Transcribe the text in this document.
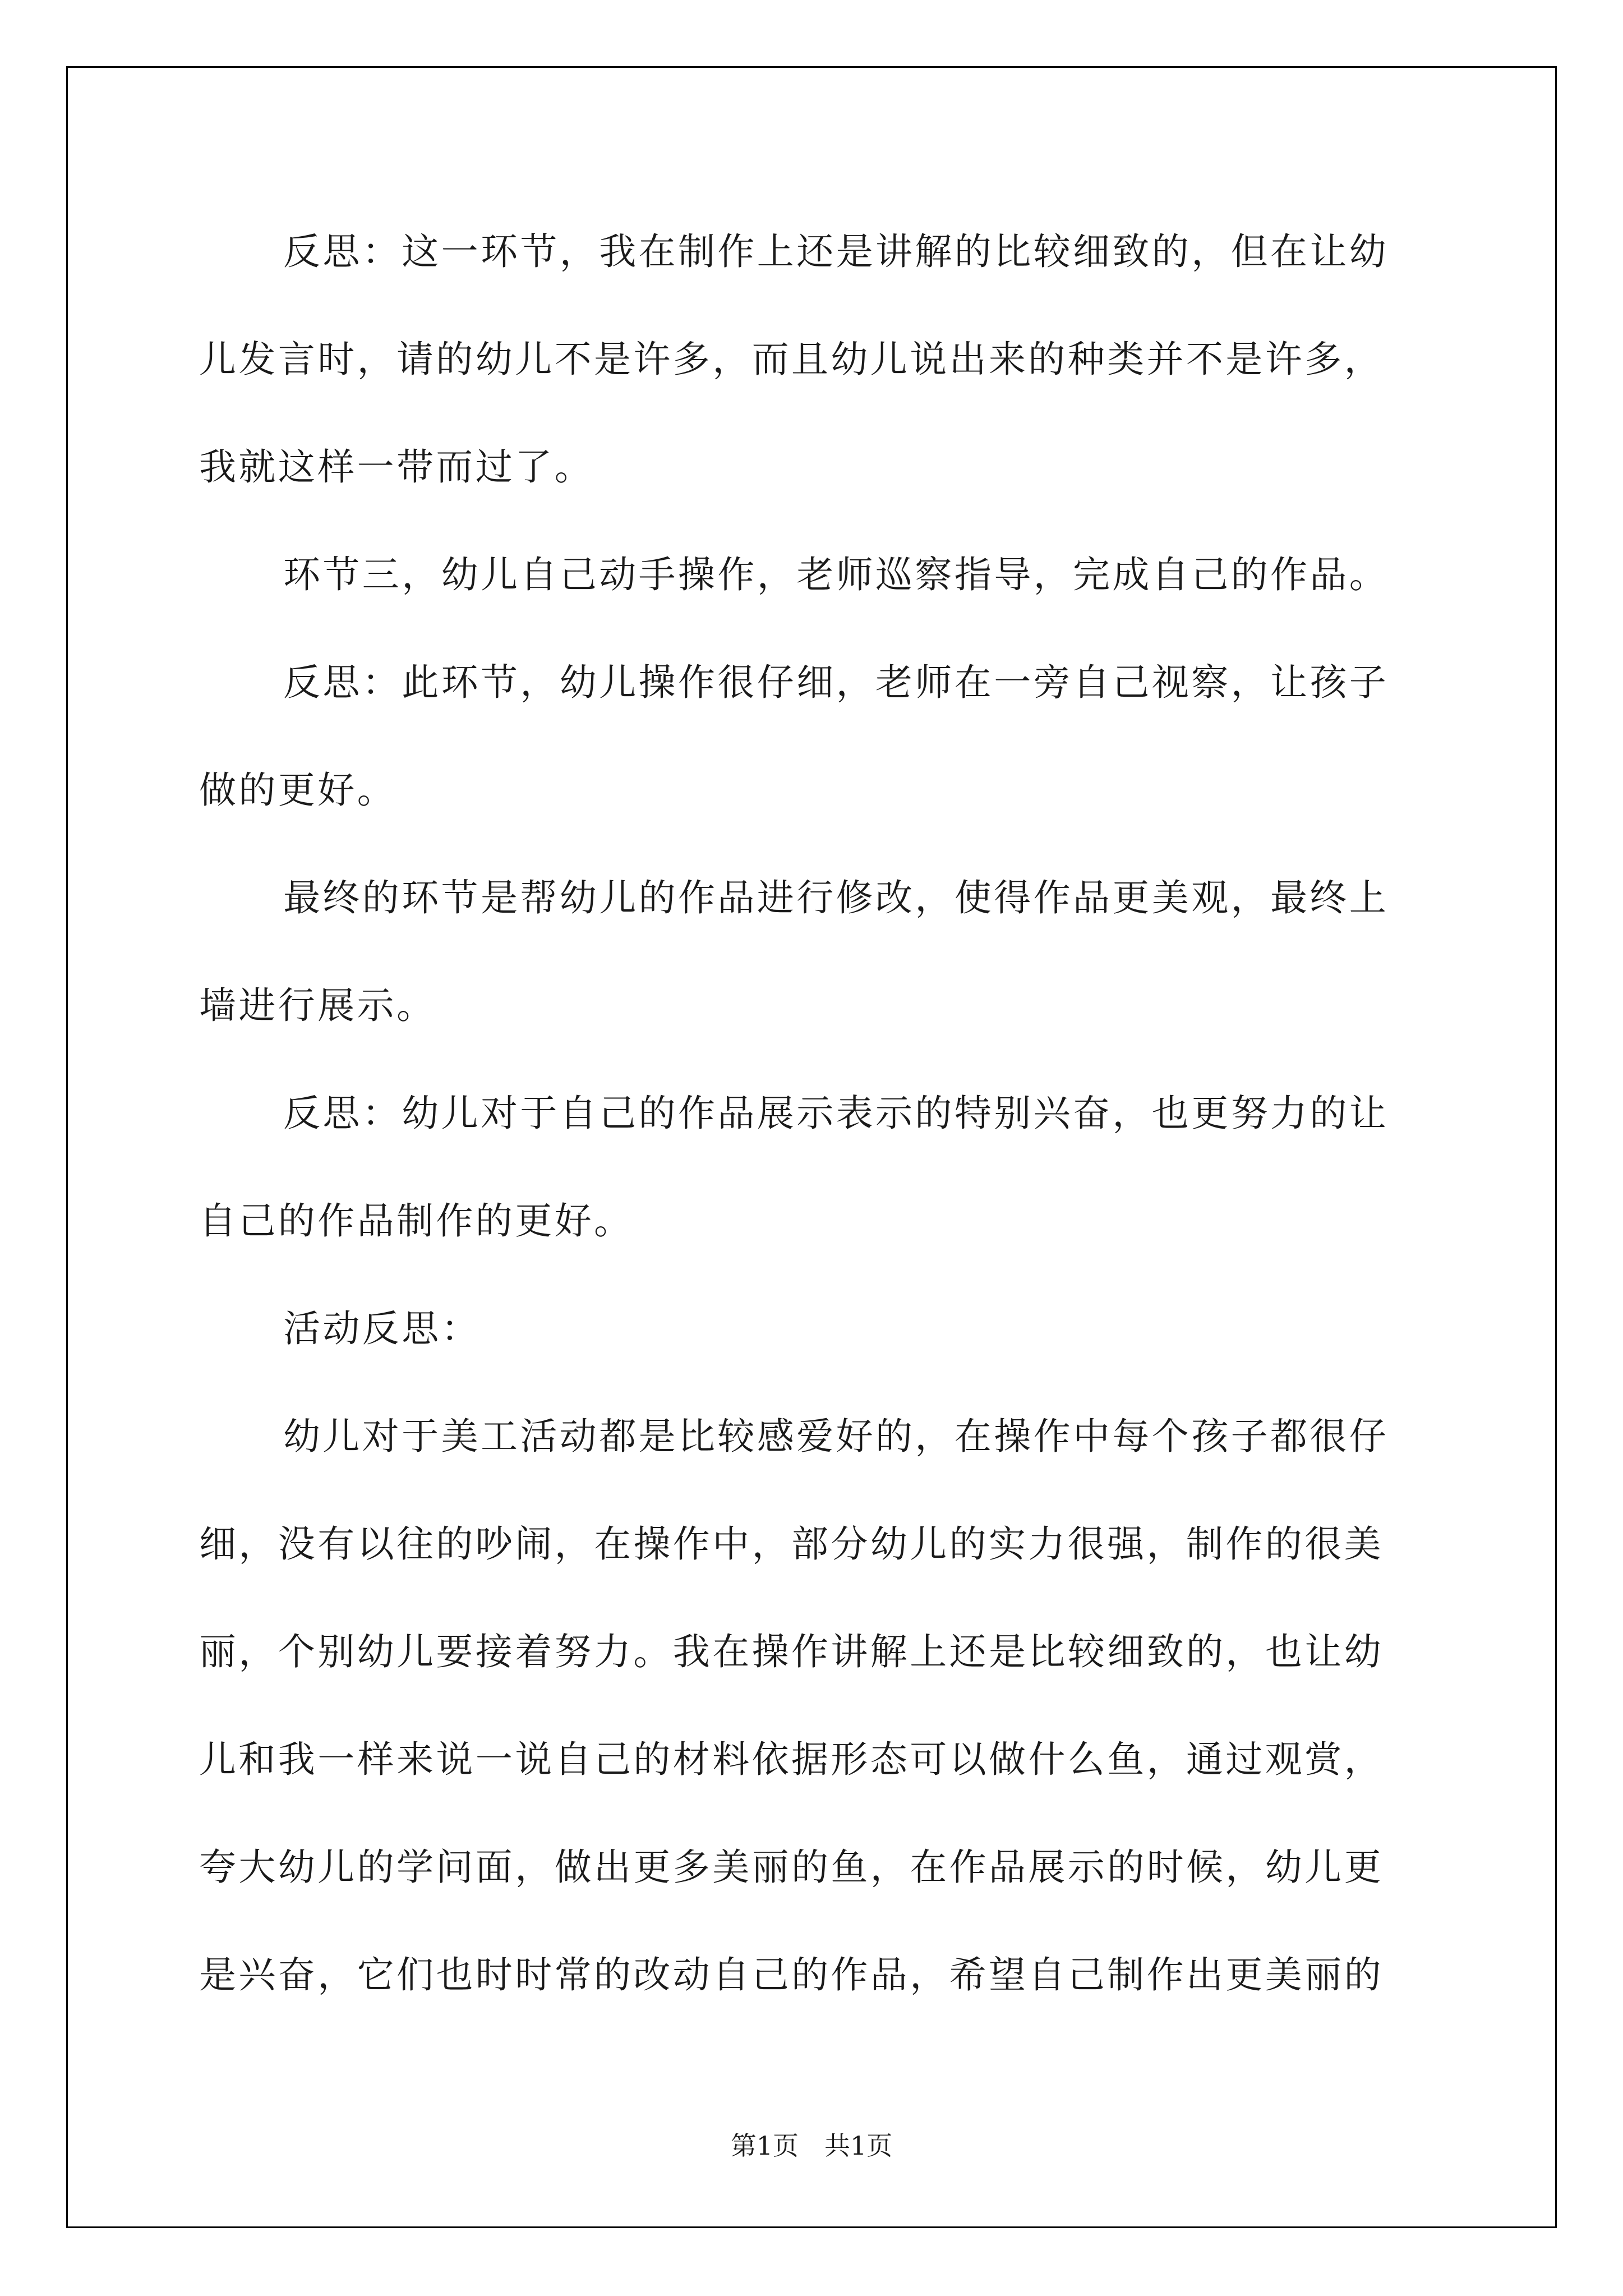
反思：这一环节，我在制作上还是讲解的比较细致的，但在让幼
儿发言时，请的幼儿不是许多，而且幼儿说出来的种类并不是许多，
我就这样一带而过了。
环节三，幼儿自己动手操作，老师巡察指导，完成自己的作品。
反思：此环节，幼儿操作很仔细，老师在一旁自己视察，让孩子
做的更好。
最终的环节是帮幼儿的作品进行修改，使得作品更美观，最终上
墙进行展示。
反思：幼儿对于自己的作品展示表示的特别兴奋，也更努力的让
自己的作品制作的更好。
活动反思：
幼儿对于美工活动都是比较感爱好的，在操作中每个孩子都很仔
细，没有以往的吵闹，在操作中，部分幼儿的实力很强，制作的很美
丽，个别幼儿要接着努力。我在操作讲解上还是比较细致的，也让幼
儿和我一样来说一说自己的材料依据形态可以做什么鱼，通过观赏，
夸大幼儿的学问面，做出更多美丽的鱼，在作品展示的时候，幼儿更
是兴奋，它们也时时常的改动自己的作品，希望自己制作出更美丽的
第1页　共1页
